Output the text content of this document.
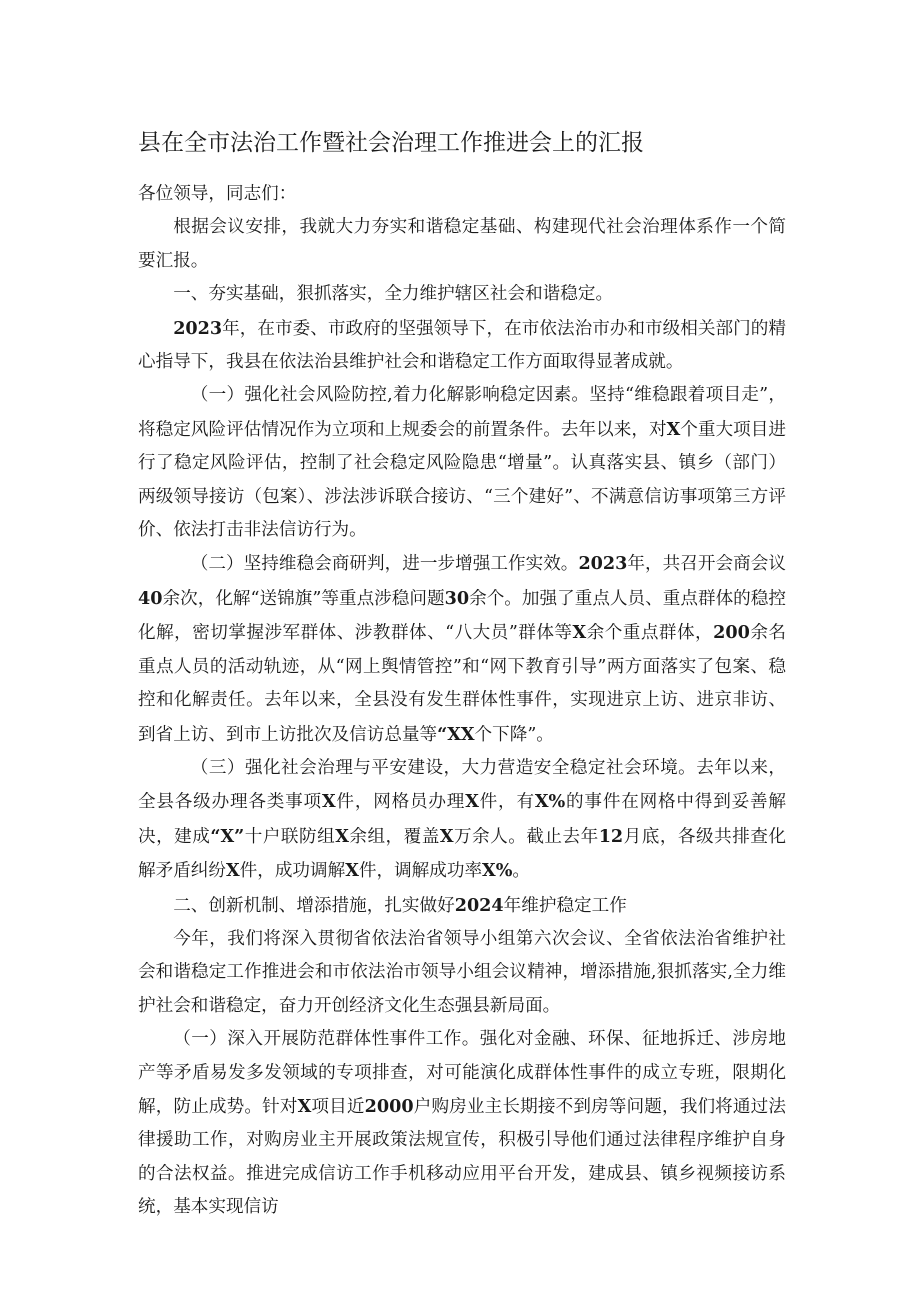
县在全市法治工作暨社会治理工作推进会上的汇报

各位领导，同志们：

根据会议安排，我就大力夯实和谐稳定基础、构建现代社会治理体系作一个简要汇报。

一、夯实基础，狠抓落实，全力维护辖区社会和谐稳定。

2023年，在市委、市政府的坚强领导下，在市依法治市办和市级相关部门的精心指导下，我县在依法治县维护社会和谐稳定工作方面取得显著成就。

（一）强化社会风险防控,着力化解影响稳定因素。坚持“维稳跟着项目走”，将稳定风险评估情况作为立项和上规委会的前置条件。去年以来，对X个重大项目进行了稳定风险评估，控制了社会稳定风险隐患“增量”。认真落实县、镇乡（部门）两级领导接访（包案）、涉法涉诉联合接访、“三个建好”、不满意信访事项第三方评价、依法打击非法信访行为。

（二）坚持维稳会商研判，进一步增强工作实效。2023年，共召开会商会议40余次，化解“送锦旗”等重点涉稳问题30余个。加强了重点人员、重点群体的稳控化解，密切掌握涉军群体、涉教群体、“八大员”群体等X余个重点群体，200余名重点人员的活动轨迹，从“网上舆情管控”和“网下教育引导”两方面落实了包案、稳控和化解责任。去年以来，全县没有发生群体性事件，实现进京上访、进京非访、到省上访、到市上访批次及信访总量等“XX个下降”。

（三）强化社会治理与平安建设，大力营造安全稳定社会环境。去年以来，全县各级办理各类事项X件，网格员办理X件，有X%的事件在网格中得到妥善解决，建成“X”十户联防组X余组，覆盖X万余人。截止去年12月底，各级共排查化解矛盾纠纷X件，成功调解X件，调解成功率X%。

二、创新机制、增添措施，扎实做好2024年维护稳定工作

今年，我们将深入贯彻省依法治省领导小组第六次会议、全省依法治省维护社会和谐稳定工作推进会和市依法治市领导小组会议精神，增添措施,狠抓落实,全力维护社会和谐稳定，奋力开创经济文化生态强县新局面。

（一）深入开展防范群体性事件工作。强化对金融、环保、征地拆迁、涉房地产等矛盾易发多发领域的专项排查，对可能演化成群体性事件的成立专班，限期化解，防止成势。针对X项目近2000户购房业主长期接不到房等问题，我们将通过法律援助工作，对购房业主开展政策法规宣传，积极引导他们通过法律程序维护自身的合法权益。推进完成信访工作手机移动应用平台开发，建成县、镇乡视频接访系统，基本实现信访
